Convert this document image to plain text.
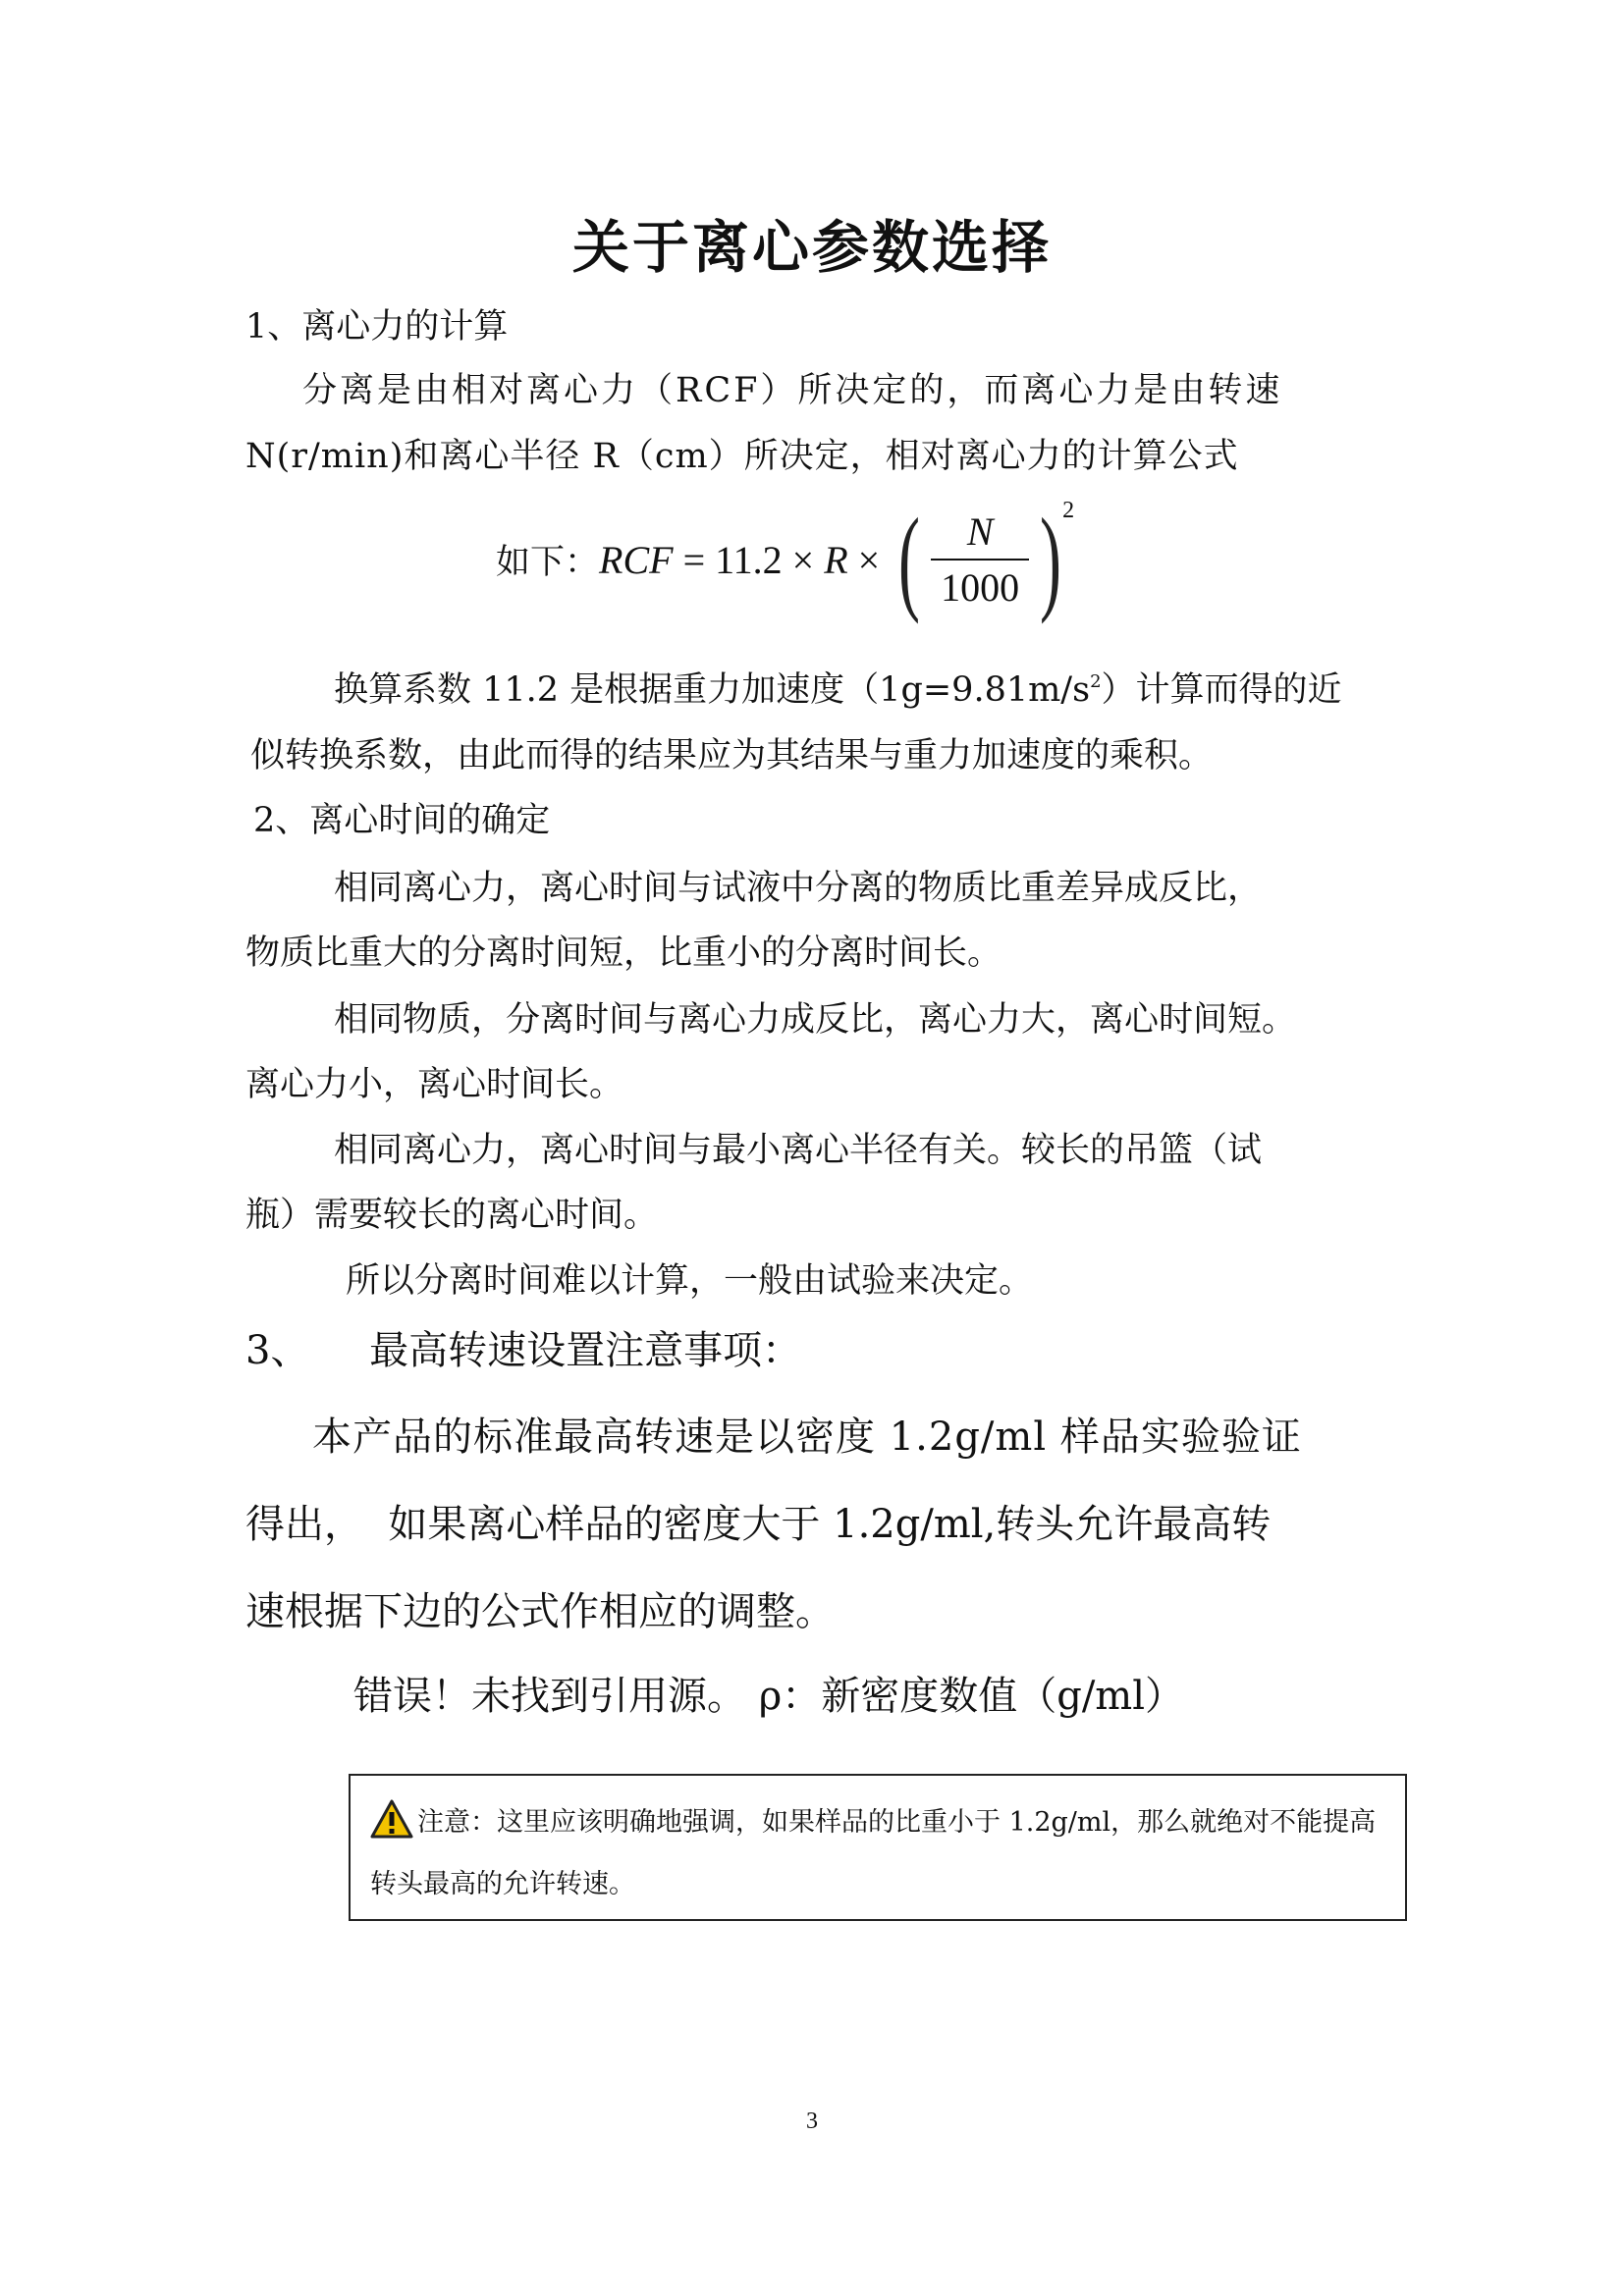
关于离心参数选择
1、离心力的计算
分离是由相对离心力（RCF）所决定的，而离心力是由转速
N(r/min)和离心半径 R（cm）所决定，相对离心力的计算公式
如下： RCF = 11.2 × R × ( $\frac{N}{1000}$ ) 2
换算系数 11.2 是根据重力加速度$(1g=9.81m/s^2)$计算而得的近
似转换系数，由此而得的结果应为其结果与重力加速度的乘积。
2、离心时间的确定
相同离心力，离心时间与试液中分离的物质比重差异成反比，
物质比重大的分离时间短，比重小的分离时间长。
相同物质，分离时间与离心力成反比，离心力大，离心时间短。
离心力小，离心时间长。
相同离心力，离心时间与最小离心半径有关。较长的吊篮（试
瓶）需要较长的离心时间。
所以分离时间难以计算，一般由试验来决定。
3、 最高转速设置注意事项：
本产品的标准最高转速是以密度 1.2g/ml 样品实验验证
得出，  如果离心样品的密度大于 1.2g/ml,转头允许最高转
速根据下边的公式作相应的调整。
错误！未找到引用源。 ρ：新密度数值（g/ml）
注意：这里应该明确地强调，如果样品的比重小于 1.2g/ml，那么就绝对不能提高转头最高的允许转速。
3
